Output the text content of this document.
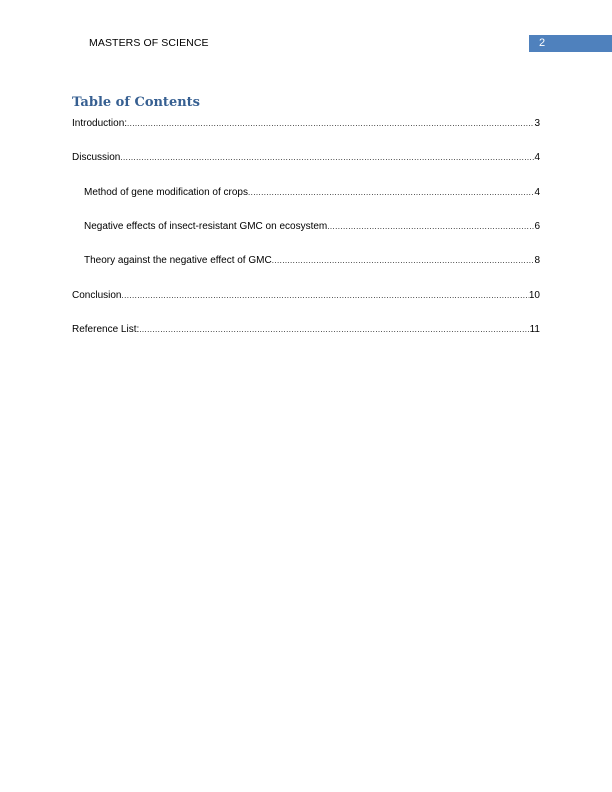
MASTERS OF SCIENCE	2
Table of Contents
Introduction: .....	3
Discussion .....	4
Method of gene modification of crops .....	4
Negative effects of insect-resistant GMC on ecosystem .....	6
Theory against the negative effect of GMC .....	8
Conclusion .....	10
Reference List: .....	11
